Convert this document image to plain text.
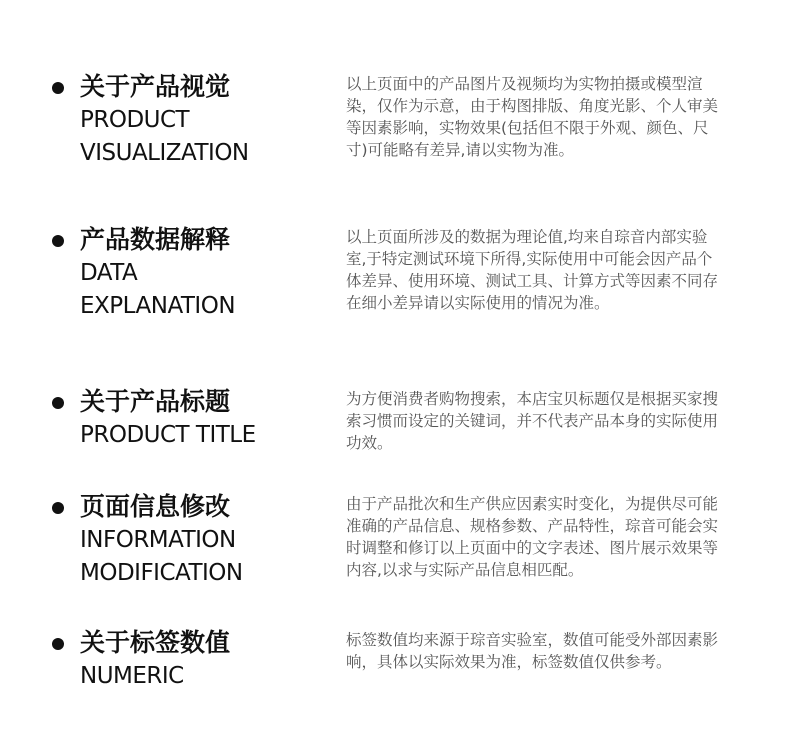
关于产品视觉
PRODUCT
VISUALIZATION
以上页面中的产品图片及视频均为实物拍摄或模型渲染，仅作为示意，由于构图排版、角度光影、个人审美等因素影响，实物效果(包括但不限于外观、颜色、尺寸)可能略有差异,请以实物为准。
产品数据解释
DATA
EXPLANATION
以上页面所涉及的数据为理论值,均来自琮音内部实验室,于特定测试环境下所得,实际使用中可能会因产品个体差异、使用环境、测试工具、计算方式等因素不同存在细小差异请以实际使用的情况为准。
关于产品标题
PRODUCT TITLE
为方便消费者购物搜索，本店宝贝标题仅是根据买家搜索习惯而设定的关键词，并不代表产品本身的实际使用功效。
页面信息修改
INFORMATION
MODIFICATION
由于产品批次和生产供应因素实时变化，为提供尽可能准确的产品信息、规格参数、产品特性，琮音可能会实时调整和修订以上页面中的文字表述、图片展示效果等内容,以求与实际产品信息相匹配。
关于标签数值
NUMERIC
标签数值均来源于琮音实验室，数值可能受外部因素影响，具体以实际效果为准，标签数值仅供参考。
